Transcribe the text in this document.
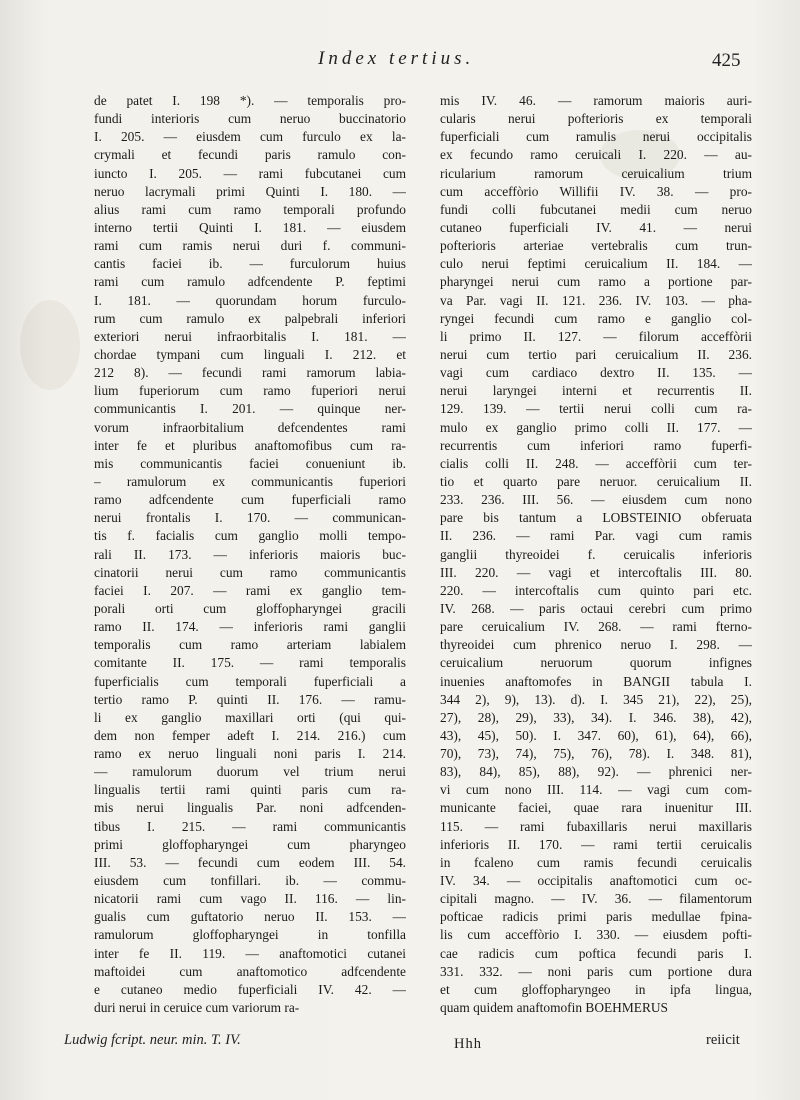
Index tertius.	425
de patet I. 198 *). — temporalis pro-
fundi interioris cum neruo buccinatorio
I. 205. — eiusdem cum furculo ex la-
crymali et fecundi paris ramulo con-
iuncto I. 205. — rami fubcutanei cum
neruo lacrymali primi Quinti I. 180. —
alius rami cum ramo temporali profundo
interno tertii Quinti I. 181. — eiusdem
rami cum ramis nerui duri f. communi-
cantis faciei ib. — furculorum huius
rami cum ramulo adfcendente P. feptimi
I. 181. — quorundam horum furculo-
rum cum ramulo ex palpebrali inferiori
exteriori nerui infraorbitalis I. 181. —
chordae tympani cum linguali I. 212. et
212 8). — fecundi rami ramorum labia-
lium fuperiorum cum ramo fuperiori nerui
communicantis I. 201. — quinque ner-
vorum infraorbitalium defcendentes rami
inter fe et pluribus anaftomofibus cum ra-
mis communicantis faciei conueniunt ib.
– ramulorum ex communicantis fuperiori
ramo adfcendente cum fuperficiali ramo
nerui frontalis I. 170. — communican-
tis f. facialis cum ganglio molli tempo-
rali II. 173. — inferioris maioris buc-
cinatorii nerui cum ramo communicantis
faciei I. 207. — rami ex ganglio tem-
porali orti cum gloffopharyngei gracili
ramo II. 174. — inferioris rami ganglii
temporalis cum ramo arteriam labialem
comitante II. 175. — rami temporalis
fuperficialis cum temporali fuperficiali a
tertio ramo P. quinti II. 176. — ramu-
li ex ganglio maxillari orti (qui qui-
dem non femper adeft I. 214. 216.) cum
ramo ex neruo linguali noni paris I. 214.
— ramulorum duorum vel trium nerui
lingualis tertii rami quinti paris cum ra-
mis nerui lingualis Par. noni adfcenden-
tibus I. 215. — rami communicantis
primi gloffopharyngei cum pharyngeo
III. 53. — fecundi cum eodem III. 54.
eiusdem cum tonfillari. ib. — commu-
nicatorii rami cum vago II. 116. — lin-
gualis cum guftatorio neruo II. 153. —
ramulorum gloffopharyngei in tonfilla
inter fe II. 119. — anaftomotici cutanei
maftoidei cum anaftomotico adfcendente
e cutaneo medio fuperficiali IV. 42. —
duri nerui in ceruice cum variorum ra-
mis IV. 46. — ramorum maioris auri-
cularis nerui pofterioris ex temporali
fuperficiali cum ramulis nerui occipitalis
ex fecundo ramo ceruicali I. 220. — au-
ricularium ramorum ceruicalium trium
cum acceffòrio Willifii IV. 38. — pro-
fundi colli fubcutanei medii cum neruo
cutaneo fuperficiali IV. 41. — nerui
pofterioris arteriae vertebralis cum trun-
culo nerui feptimi ceruicalium II. 184. —
pharyngei nerui cum ramo a portione par-
va Par. vagi II. 121. 236. IV. 103. — pha-
ryngei fecundi cum ramo e ganglio col-
li primo II. 127. — filorum acceffòrii
nerui cum tertio pari ceruicalium II. 236.
vagi cum cardiaco dextro II. 135. —
nerui laryngei interni et recurrentis II.
129. 139. — tertii nerui colli cum ra-
mulo ex ganglio primo colli II. 177. —
recurrentis cum inferiori ramo fuperfi-
cialis colli II. 248. — acceffòrii cum ter-
tio et quarto pare neruor. ceruicalium II.
233. 236. III. 56. — eiusdem cum nono
pare bis tantum a LOBSTEINIO obferuata
II. 236. — rami Par. vagi cum ramis
ganglii thyreoidei f. ceruicalis inferioris
III. 220. — vagi et intercoftalis III. 80.
220. — intercoftalis cum quinto pari etc.
IV. 268. — paris octaui cerebri cum primo
pare ceruicalium IV. 268. — rami fterno-
thyreoidei cum phrenico neruo I. 298. —
ceruicalium neruorum quorum infignes
inuenies anaftomofes in BANGII tabula I.
344 2), 9), 13). d). I. 345 21), 22), 25),
27), 28), 29), 33), 34). I. 346. 38), 42),
43), 45), 50). I. 347. 60), 61), 64), 66),
70), 73), 74), 75), 76), 78). I. 348. 81),
83), 84), 85), 88), 92). — phrenici ner-
vi cum nono III. 114. — vagi cum com-
municante faciei, quae rara inuenitur III.
115. — rami fubaxillaris nerui maxillaris
inferioris II. 170. — rami tertii ceruicalis
in fcaleno cum ramis fecundi ceruicalis
IV. 34. — occipitalis anaftomotici cum oc-
cipitali magno. — IV. 36. — filamentorum
pofticae radicis primi paris medullae fpina-
lis cum acceffòrio I. 330. — eiusdem pofti-
cae radicis cum poftica fecundi paris I.
331. 332. — noni paris cum portione dura
et cum gloffopharyngeo in ipfa lingua,
quam quidem anaftomofin BOEHMERUS
Ludwig fcript. neur. min. T. IV.	Hhh	reiicit
